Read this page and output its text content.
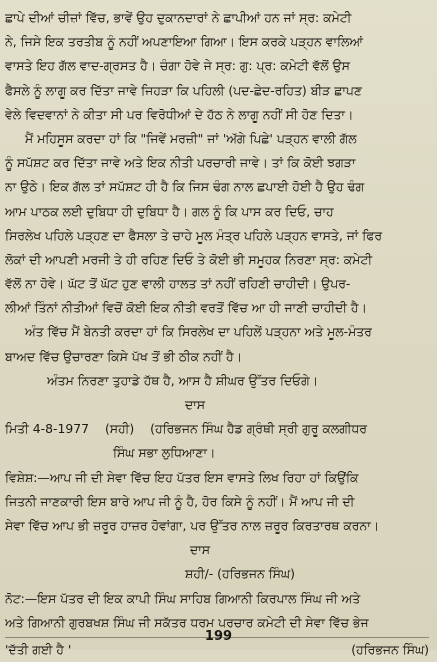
ਛਾਪੇ ਦੀਆਂ ਚੀਜ਼ਾਂ ਵਿੱਚ, ਭਾਵੇਂ ਉਹ ਦੁਕਾਨਦਾਰਾਂ ਨੇ ਛਾਪੀਆਂ ਹਨ ਜਾਂ ਸ੍ਰ: ਕਮੇਟੀ
ਨੇ, ਜਿਸੇ ਇਕ ਤਰਤੀਬ ਨੂੰ ਨਹੀਂ ਅਪਣਾਇਆ ਗਿਆ। ਇਸ ਕਰਕੇ ਪੜ੍ਹਨ ਵਾਲਿਆਂ
ਵਾਸਤੇ ਇਹ ਗੱਲ ਵਾਦ-ਗ੍ਰਸਤ ਹੈ। ਚੰਗਾ ਹੋਵੇ ਜੇ ਸ੍ਰ: ਗੁ: ਪ੍ਰ: ਕਮੇਟੀ ਵੱਲੋਂ ਉਸ
ਫੈਸਲੇ ਨੂੰ ਲਾਗੂ ਕਰ ਦਿੱਤਾ ਜਾਵੇ ਜਿਹੜਾ ਕਿ ਪਹਿਲੀ (ਪਦ-ਛੇਦ-ਰਹਿਤ) ਬੀੜ ਛਾਪਣ
ਵੇਲੇ ਵਿਦਵਾਨਾਂ ਨੇ ਕੀਤਾ ਸੀ ਪਰ ਵਿਰੋਧੀਆਂ ਦੇ ਹੱਠ ਨੇ ਲਾਗੂ ਨਹੀਂ ਸੀ ਹੋਣ ਦਿਤਾ।
ਮੈਂ ਮਹਿਸੂਸ ਕਰਦਾ ਹਾਂ ਕਿ "ਜਿਵੇਂ ਮਰਜ਼ੀ" ਜਾਂ 'ਅੱਗੇ ਪਿਛੇ' ਪੜ੍ਹਨ ਵਾਲੀ ਗੱਲ
ਨੂੰ ਸਪੱਸ਼ਟ ਕਰ ਦਿੱਤਾ ਜਾਵੇ ਅਤੇ ਇਕ ਨੀਤੀ ਪਰਚਾਰੀ ਜਾਵੇ। ਤਾਂ ਕਿ ਕੋਈ ਝਗੜਾ
ਨਾ ਉਠੇ। ਇਕ ਗੱਲ ਤਾਂ ਸਪੱਸ਼ਟ ਹੀ ਹੈ ਕਿ ਜਿਸ ਢੰਗ ਨਾਲ ਛਪਾਈ ਹੋਈ ਹੈ ਉਹ ਢੰਗ
ਆਮ ਪਾਠਕ ਲਈ ਦੁਬਿਧਾ ਹੀ ਦੁਬਿਧਾ ਹੈ। ਗਲ ਨੂੰ ਕਿ ਪਾਸ ਕਰ ਦਿਓ, ਚਾਹ
ਸਿਰਲੇਖ ਪਹਿਲੇ ਪੜ੍ਹਣ ਦਾ ਫੈਸਲਾ ਤੇ ਚਾਹੇ ਮੂਲ ਮੰਤ੍ਰ ਪਹਿਲੇ ਪੜ੍ਹਨ ਵਾਸਤੇ, ਜਾਂ ਫਿਰ
ਲੋਕਾਂ ਦੀ ਆਪਣੀ ਮਰਜੀ ਤੇ ਹੀ ਰਹਿਣ ਦਿਓ ਤੇ ਕੋਈ ਭੀ ਸਮੂਹਕ ਨਿਰਣਾ ਸ੍ਰ: ਕਮੇਟੀ
ਵੱਲੋਂ ਨਾ ਹੋਵੇ। ਘੱਟ ਤੋਂ ਘੱਟ ਹੁਣ ਵਾਲੀ ਹਾਲਤ ਤਾਂ ਨਹੀਂ ਰਹਿਣੀ ਚਾਹੀਦੀ। ਉਪਰ-
ਲੀਆਂ ਤਿੰਨਾਂ ਨੀਤੀਆਂ ਵਿਚੋਂ ਕੋਈ ਇਕ ਨੀਤੀ ਵਰਤੋਂ ਵਿੱਚ ਆ ਹੀ ਜਾਣੀ ਚਾਹੀਦੀ ਹੈ।
ਅੰਤ ਵਿੱਚ ਮੈਂ ਬੇਨਤੀ ਕਰਦਾ ਹਾਂ ਕਿ ਸਿਰਲੇਖ ਦਾ ਪਹਿਲੇਂ ਪੜ੍ਹਨਾ ਅਤੇ ਮੂਲ-ਮੰਤਰ
ਬਾਅਦ ਵਿੱਚ ਉਚਾਰਣਾ ਕਿਸੇ ਪੱਖ ਤੋਂ ਭੀ ਠੀਕ ਨਹੀਂ ਹੈ।
ਅੰਤਮ ਨਿਰਣਾ ਤੁਹਾਡੇ ਹੱਥ ਹੈ, ਆਸ ਹੈ ਸ਼ੀਘਰ ਉੱਤਰ ਦਿਓਗੇ।
ਦਾਸ
ਮਿਤੀ 4-8-1977 (ਸਹੀ) (ਹਰਿਭਜਨ ਸਿੰਘ ਹੈਡ ਗ੍ਰੰਥੀ ਸ੍ਰੀ ਗੁਰੂ ਕਲਗੀਧਰ
ਸਿੰਘ ਸਭਾ ਲੁਧਿਆਣਾ।
ਵਿਸ਼ੇਸ਼:—ਆਪ ਜੀ ਦੀ ਸੇਵਾ ਵਿੱਚ ਇਹ ਪੱਤਰ ਇਸ ਵਾਸਤੇ ਲਿਖ ਰਿਹਾ ਹਾਂ ਕਿਉਂਕਿ
ਜਿਤਨੀ ਜਾਣਕਾਰੀ ਇਸ ਬਾਰੇ ਆਪ ਜੀ ਨੂੰ ਹੈ, ਹੋਰ ਕਿਸੇ ਨੂੰ ਨਹੀਂ। ਮੈਂ ਆਪ ਜੀ ਦੀ
ਸੇਵਾ ਵਿੱਚ ਆਪ ਭੀ ਜ਼ਰੂਰ ਹਾਜ਼ਰ ਹੋਵਾਂਗਾ, ਪਰ ਉੱਤਰ ਨਾਲ ਜ਼ਰੂਰ ਕਿਰਤਾਰਥ ਕਰਨਾ।
ਦਾਸ
ਸ਼ਹੀ/- (ਹਰਿਭਜਨ ਸਿੰਘ)
ਨੋਟ:—ਇਸ ਪੱਤਰ ਦੀ ਇਕ ਕਾਪੀ ਸਿੰਘ ਸਾਹਿਬ ਗਿਆਨੀ ਕਿਰਪਾਲ ਸਿੰਘ ਜੀ ਅਤੇ
ਅਤੇ ਗਿਆਨੀ ਗੁਰਬਖਸ਼ ਸਿੰਘ ਜੀ ਸਕੱਤਰ ਧਰਮ ਪਰਚਾਰ ਕਮੇਟੀ ਦੀ ਸੇਵਾ ਵਿੱਚ ਭੇਜ
'ਦੱਤੀ ਗਈ ਹੈ '	(ਹਰਿਭਜਨ ਸਿੰਘ)
199
